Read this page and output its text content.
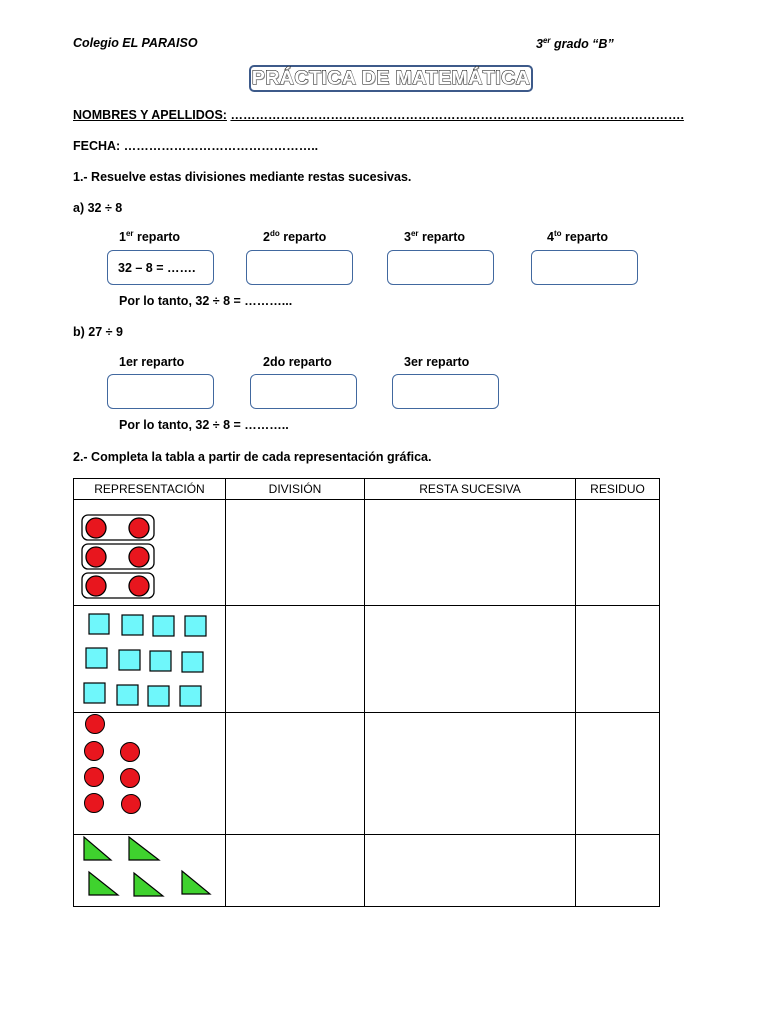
Colegio EL PARAISO	3er grado “B”
PRÁCTICA DE MATEMÁTICA
NOMBRES Y APELLIDOS: ……………………………………………………………………………………………….
FECHA: ………………………………………..
1.- Resuelve estas divisiones mediante restas sucesivas.
a) 32 ÷ 8
1er reparto	$2^{do}$ reparto	3er reparto	$4^{to}$ reparto
32 – 8 = …….
Por lo tanto, 32 ÷ 8 = ………...
b) 27 ÷ 9
1er reparto	2do reparto	3er reparto
Por lo tanto, 32 ÷ 8 = ………..
2.- Completa la tabla a partir de cada representación gráfica.
REPRESENTACIÓN	DIVISIÓN	RESTA SUCESIVA	RESIDUO
